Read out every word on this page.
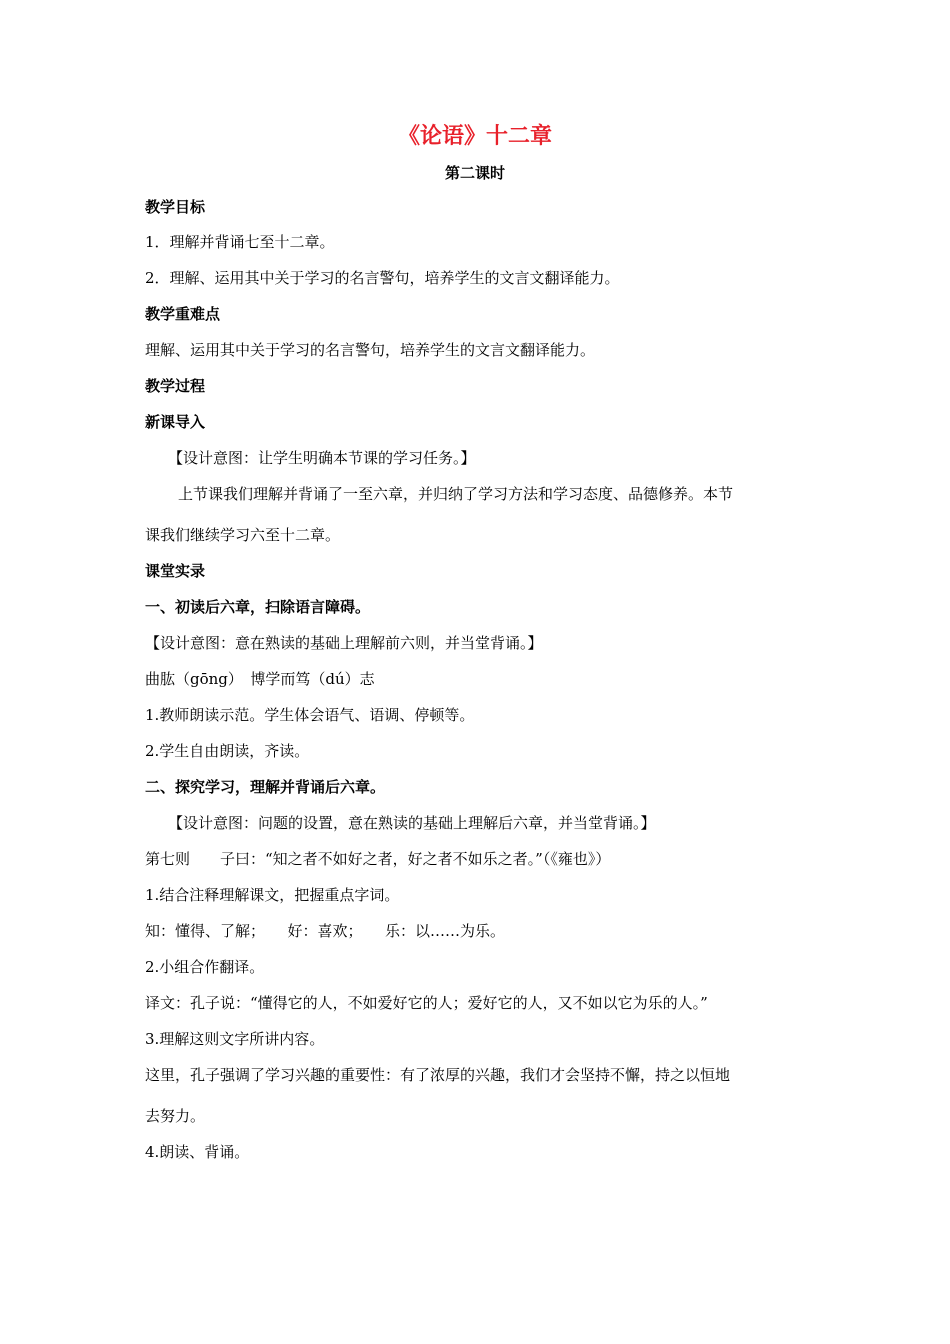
《论语》十二章
第二课时
教学目标
1．理解并背诵七至十二章。
2．理解、运用其中关于学习的名言警句，培养学生的文言文翻译能力。
教学重难点
理解、运用其中关于学习的名言警句，培养学生的文言文翻译能力。
教学过程
新课导入
【设计意图：让学生明确本节课的学习任务。】
上节课我们理解并背诵了一至六章，并归纳了学习方法和学习态度、品德修养。本节
课我们继续学习六至十二章。
课堂实录
一、初读后六章，扫除语言障碍。
【设计意图：意在熟读的基础上理解前六则，并当堂背诵。】
曲肱（gōng）　博学而笃（dú）志
1.教师朗读示范。学生体会语气、语调、停顿等。
2.学生自由朗读，齐读。
二、探究学习，理解并背诵后六章。
【设计意图：问题的设置，意在熟读的基础上理解后六章，并当堂背诵。】
第七则　　子曰：“知之者不如好之者，好之者不如乐之者。”（《雍也》）
1.结合注释理解课文，把握重点字词。
知：懂得、了解；　　好：喜欢；　　乐：以……为乐。
2.小组合作翻译。
译文：孔子说：“懂得它的人，不如爱好它的人；爱好它的人，又不如以它为乐的人。”
3.理解这则文字所讲内容。
这里，孔子强调了学习兴趣的重要性：有了浓厚的兴趣，我们才会坚持不懈，持之以恒地
去努力。
4.朗读、背诵。
